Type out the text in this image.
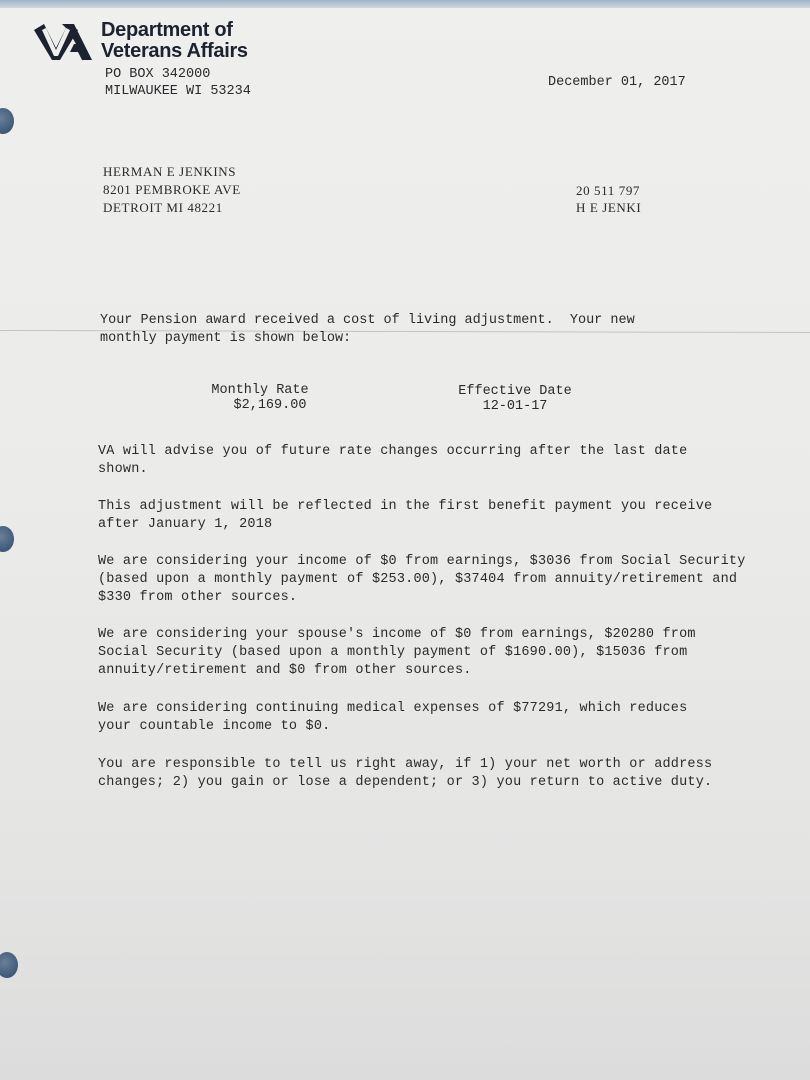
Department of
Veterans Affairs
PO BOX 342000
MILWAUKEE WI 53234
December 01, 2017
HERMAN E JENKINS
8201 PEMBROKE AVE
DETROIT MI 48221
20 511 797
H E JENKI
Your Pension award received a cost of living adjustment.  Your new
monthly payment is shown below:
Monthly Rate
$2,169.00
Effective Date
12-01-17
VA will advise you of future rate changes occurring after the last date shown.
This adjustment will be reflected in the first benefit payment you receive after January 1, 2018
We are considering your income of $0 from earnings, $3036 from Social Security (based upon a monthly payment of $253.00), $37404 from annuity/retirement and $330 from other sources.
We are considering your spouse's income of $0 from earnings, $20280 from Social Security (based upon a monthly payment of $1690.00), $15036 from annuity/retirement and $0 from other sources.
We are considering continuing medical expenses of $77291, which reduces your countable income to $0.
You are responsible to tell us right away, if 1) your net worth or address changes; 2) you gain or lose a dependent; or 3) you return to active duty.
